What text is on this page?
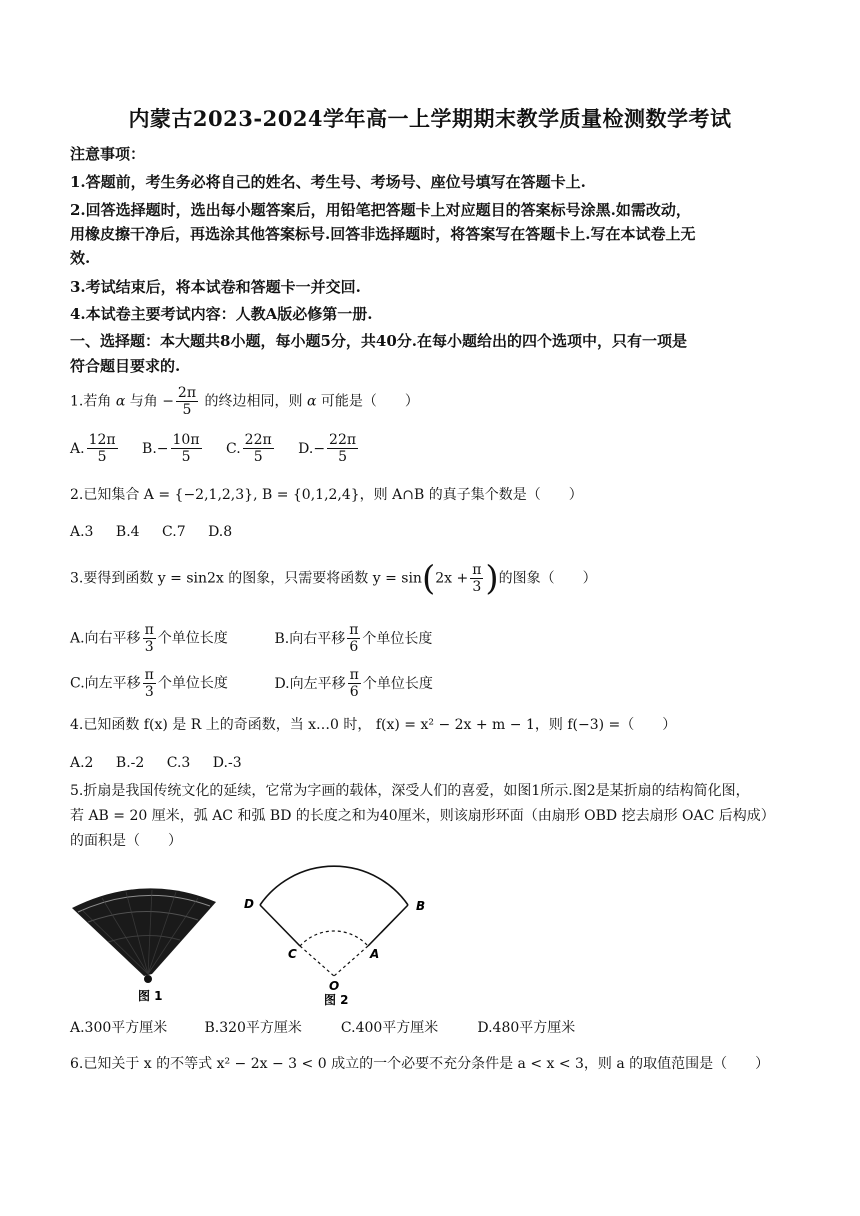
内蒙古2023-2024学年高一上学期期末教学质量检测数学考试
注意事项：
1.答题前，考生务必将自己的姓名、考生号、考场号、座位号填写在答题卡上.
2.回答选择题时，选出每小题答案后，用铅笔把答题卡上对应题目的答案标号涂黑.如需改动，
用橡皮擦干净后，再选涂其他答案标号.回答非选择题时，将答案写在答题卡上.写在本试卷上无
效.
3.考试结束后，将本试卷和答题卡一并交回.
4.本试卷主要考试内容：人教A版必修第一册.
一、选择题：本大题共8小题，每小题5分，共40分.在每小题给出的四个选项中，只有一项是
符合题目要求的.
1.若角 α 与角 − $\frac{2\pi}{5}$ 的终边相同，则 α 可能是（　　）
A. $\frac{12\pi}{5} B.- \frac{10\pi}{5} C$. $\frac{22\pi}{5} D.- \frac{22\pi}{5}$
2.已知集合 A = {−2,1,2,3}, B = {0,1,2,4}，则 A∩B 的真子集个数是（　　）
A.3 B.4 C.7 D.8
3.要得到函数 y = sin2x 的图象，只需要将函数 $y = \sin(2x + \frac{\pi}{3}$ )的图象（　　）
A.向右平移 $\frac{\pi}{3}$ 个单位长度	B.向右平移 $\frac{\pi}{6}$ 个单位长度
C.向左平移 $\frac{\pi}{3}$ 个单位长度	D.向左平移 $\frac{\pi}{6}$ 个单位长度
4.已知函数 f(x) 是 R 上的奇函数，当 x…0 时， f(x) = x² − 2x + m − 1，则 f(−3) =（　　）
A.2 B.-2 C.3 D.-3
5.折扇是我国传统文化的延续，它常为字画的载体，深受人们的喜爱，如图1所示.图2是某折扇的结构简化图，
若 AB = 20 厘米，弧 AC 和弧 BD 的长度之和为40厘米，则该扇形环面（由扇形 OBD 挖去扇形 OAC 后构成）
的面积是（　　）
图 1
D	B
C	A
O
图 2
A.300平方厘米	B.320平方厘米	C.400平方厘米	D.480平方厘米
6.已知关于 x 的不等式 x² − 2x − 3 < 0 成立的一个必要不充分条件是 a < x < 3，则 a 的取值范围是（　　）
